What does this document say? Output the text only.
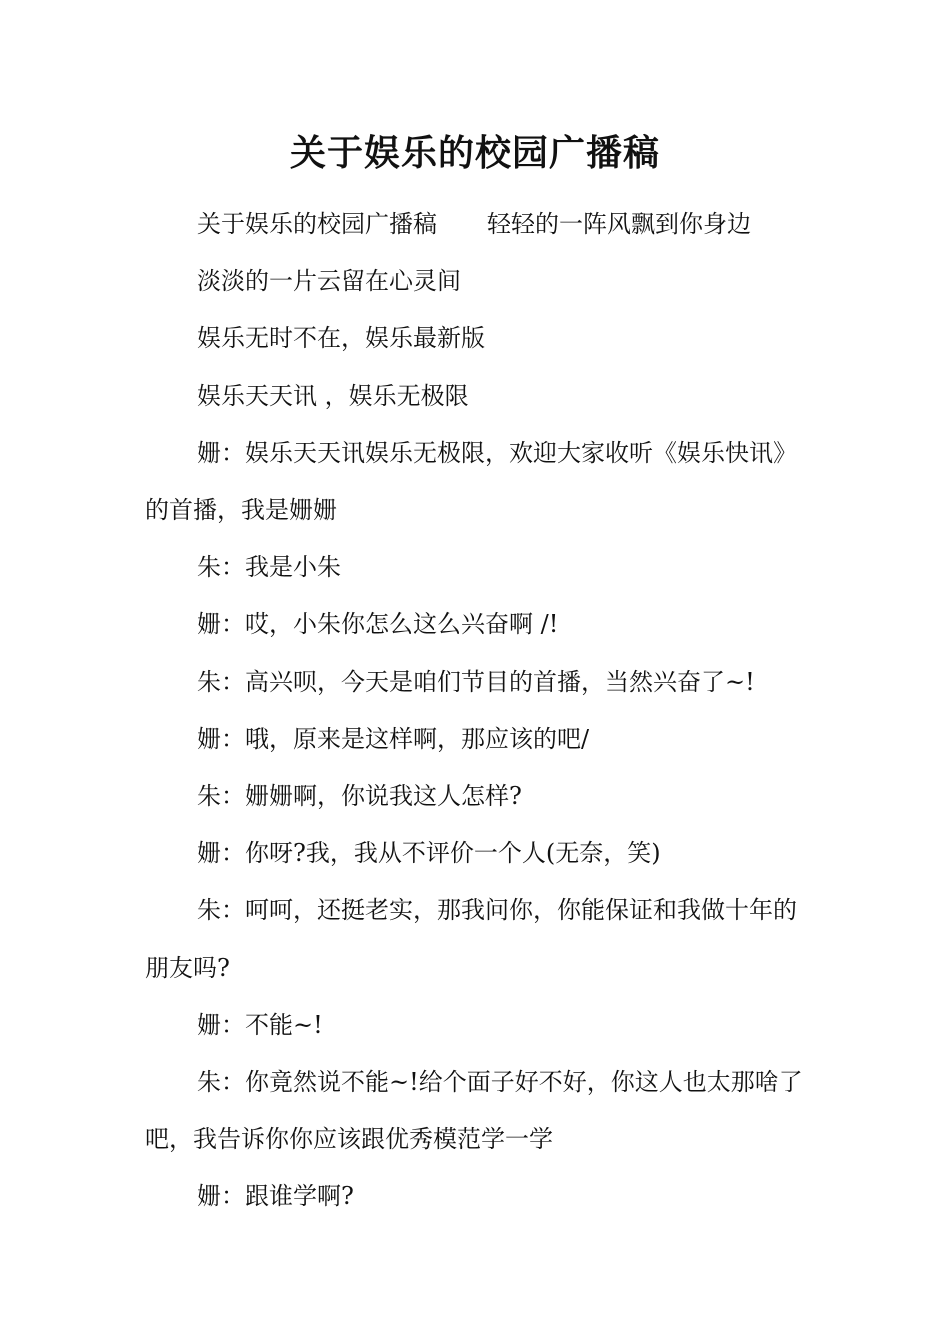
关于娱乐的校园广播稿

关于娱乐的校园广播稿 轻轻的一阵风飘到你身边

淡淡的一片云留在心灵间

娱乐无时不在，娱乐最新版

娱乐天天讯 ，娱乐无极限

姗：娱乐天天讯娱乐无极限，欢迎大家收听《娱乐快讯》的首播，我是姗姗

朱：我是小朱

姗：哎，小朱你怎么这么兴奋啊 /!

朱：高兴呗，今天是咱们节目的首播，当然兴奋了~!

姗：哦，原来是这样啊，那应该的吧/

朱：姗姗啊，你说我这人怎样?

姗：你呀?我，我从不评价一个人(无奈，笑)

朱：呵呵，还挺老实，那我问你，你能保证和我做十年的朋友吗?

姗：不能~!

朱：你竟然说不能~!给个面子好不好，你这人也太那啥了吧，我告诉你你应该跟优秀模范学一学

姗：跟谁学啊?
